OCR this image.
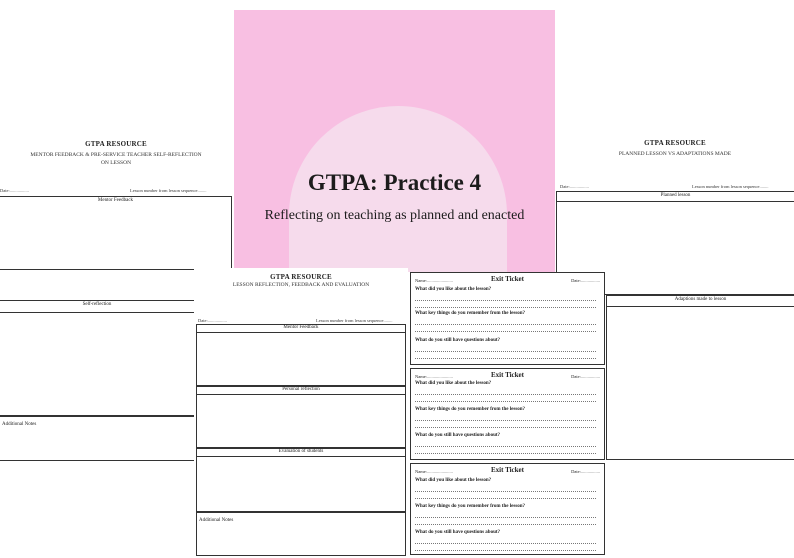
GTPA RESOURCE
MENTOR FEEDBACK & PRE-SERVICE TEACHER SELF-REFLECTION
ON LESSON
Date:.................	Lesson number from lesson sequence........
Mentor Feedback
Self-reflection
Additional Notes
GTPA RESOURCE
PLANNED LESSON VS ADAPTATIONS MADE
Date:.................	Lesson number from lesson sequence........
Planned lesson
Adaptions made to lesson
GTPA: Practice 4
Reflecting on teaching as planned and enacted
GTPA RESOURCE
LESSON REFLECTION, FEEDBACK AND EVALUATION
Date:.................	Lesson number from lesson sequence........
Mentor Feedback
Personal reflection
Evaluation of students
Additional Notes
Name:.......................	Exit Ticket	Date:.................
What did you like about the lesson?
What key things do you remember from the lesson?
What do you still have questions about?
Name:.......................	Exit Ticket	Date:.................
What did you like about the lesson?
What key things do you remember from the lesson?
What do you still have questions about?
Name:.......................	Exit Ticket	Date:.................
What did you like about the lesson?
What key things do you remember from the lesson?
What do you still have questions about?
